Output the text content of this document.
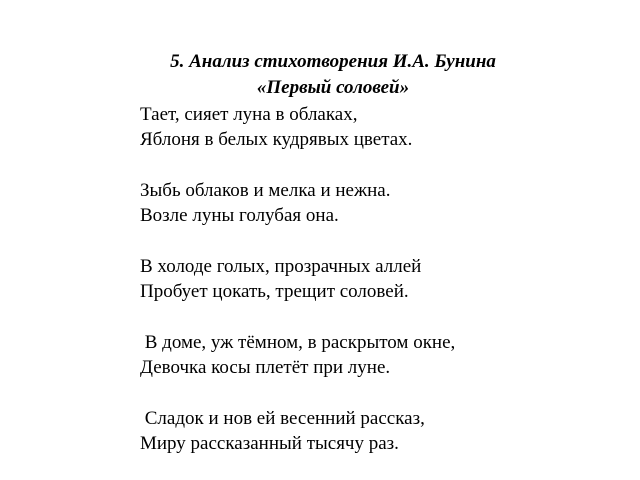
5. Анализ стихотворения И.А. Бунина
«Первый соловей»
Тает, сияет луна в облаках,
Яблоня в белых кудрявых цветах.
Зыбь облаков и мелка и нежна.
Возле луны голубая она.
В холоде голых, прозрачных аллей
Пробует цокать, трещит соловей.
В доме, уж тёмном, в раскрытом окне,
Девочка косы плетёт при луне.
Сладок и нов ей весенний рассказ,
Миру рассказанный тысячу раз.
